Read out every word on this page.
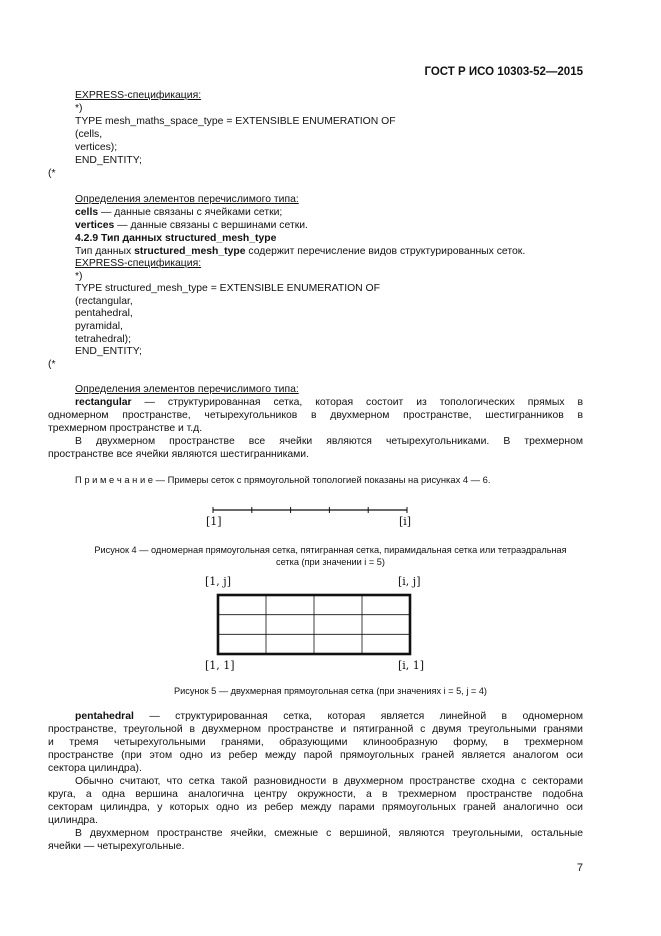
ГОСТ Р ИСО 10303-52—2015
EXPRESS-спецификация:
*)
TYPE mesh_maths_space_type = EXTENSIBLE ENUMERATION OF
(cells,
vertices);
END_ENTITY;
(*
Определения элементов перечислимого типа:
cells — данные связаны с ячейками сетки;
vertices — данные связаны с вершинами сетки.
4.2.9 Тип данных structured_mesh_type
Тип данных structured_mesh_type содержит перечисление видов структурированных сеток.
EXPRESS-спецификация:
*)
TYPE structured_mesh_type = EXTENSIBLE ENUMERATION OF
(rectangular,
pentahedral,
pyramidal,
tetrahedral);
END_ENTITY;
(*
Определения элементов перечислимого типа:
rectangular — структурированная сетка, которая состоит из топологических прямых в
одномерном пространстве, четырехугольников в двухмерном пространстве, шестигранников в
трехмерном пространстве и т.д.
В двухмерном пространстве все ячейки являются четырехугольниками. В трехмерном
пространстве все ячейки являются шестигранниками.
П р и м е ч а н и е — Примеры сеток с прямоугольной топологией показаны на рисунках 4 — 6.
[1]	[i]
Рисунок 4 — одномерная прямоугольная сетка, пятигранная сетка, пирамидальная сетка или тетраэдральная
сетка (при значении i = 5)
[1, j]	[i, j]
[1, 1]	[i, 1]
Рисунок 5 — двухмерная прямоугольная сетка (при значениях i = 5, j = 4)
pentahedral — структурированная сетка, которая является линейной в одномерном
пространстве, треугольной в двухмерном пространстве и пятигранной с двумя треугольными гранями
и тремя четырехугольными гранями, образующими клинообразную форму, в трехмерном
пространстве (при этом одно из ребер между парой прямоугольных граней является аналогом оси
сектора цилиндра).
Обычно считают, что сетка такой разновидности в двухмерном пространстве сходна с секторами
круга, а одна вершина аналогична центру окружности, а в трехмерном пространстве подобна
секторам цилиндра, у которых одно из ребер между парами прямоугольных граней аналогично оси
цилиндра.
В двухмерном пространстве ячейки, смежные с вершиной, являются треугольными, остальные
ячейки — четырехугольные.
7
